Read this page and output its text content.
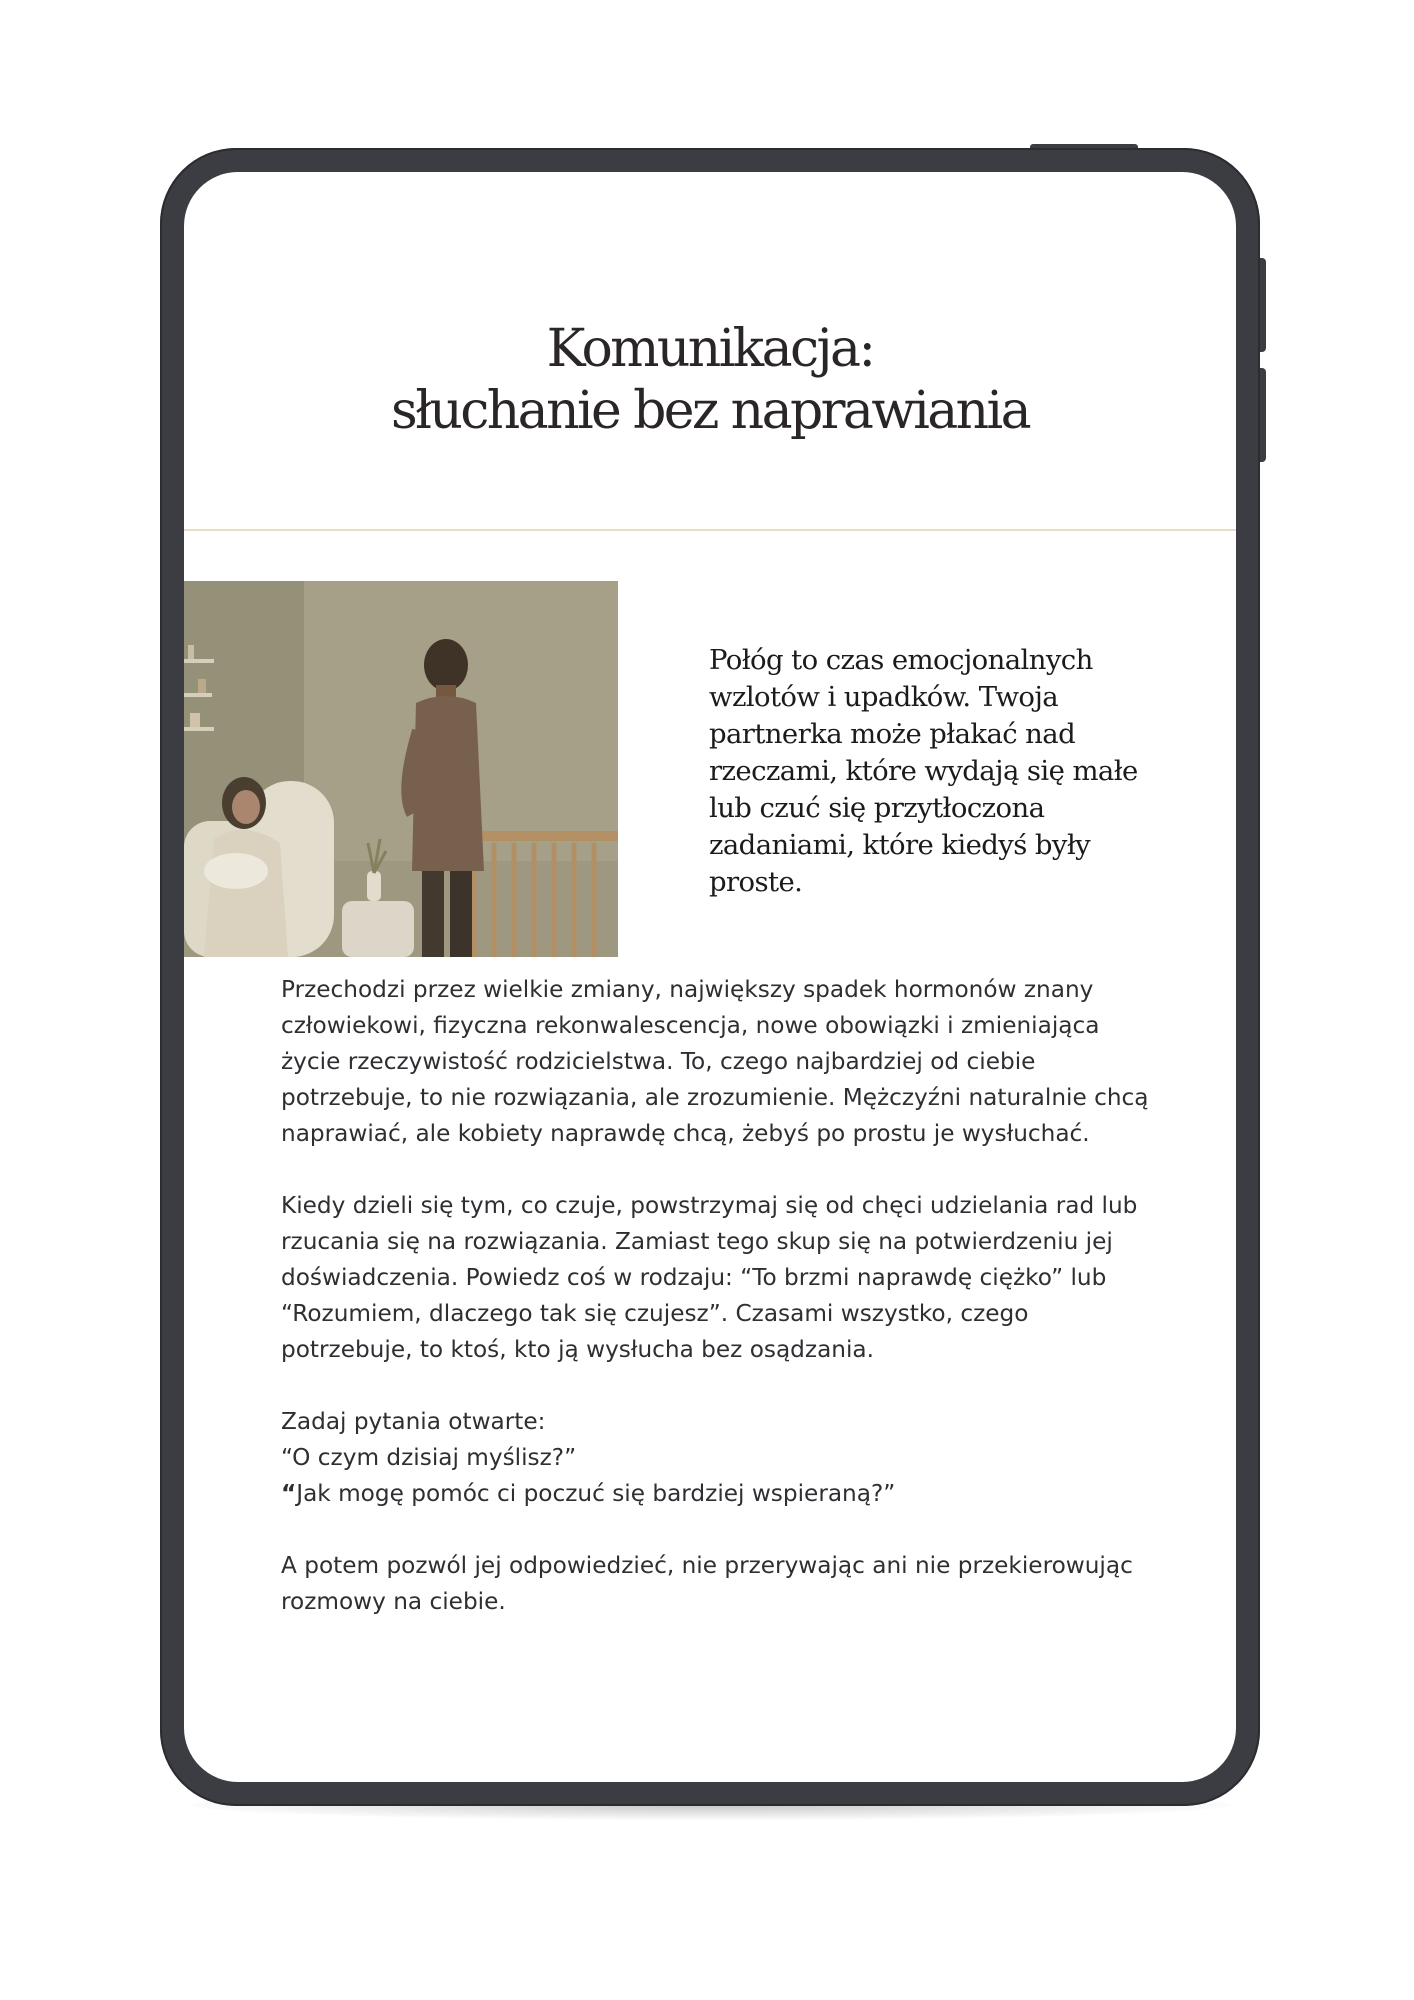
Komunikacja:
słuchanie bez naprawiania

Połóg to czas emocjonalnych wzlotów i upadków. Twoja partnerka może płakać nad rzeczami, które wydają się małe lub czuć się przytłoczona zadaniami, które kiedyś były proste.

Przechodzi przez wielkie zmiany, największy spadek hormonów znany człowiekowi, fizyczna rekonwalescencja, nowe obowiązki i zmieniająca życie rzeczywistość rodzicielstwa. To, czego najbardziej od ciebie potrzebuje, to nie rozwiązania, ale zrozumienie. Mężczyźni naturalnie chcą naprawiać, ale kobiety naprawdę chcą, żebyś po prostu je wysłuchać.

Kiedy dzieli się tym, co czuje, powstrzymaj się od chęci udzielania rad lub rzucania się na rozwiązania. Zamiast tego skup się na potwierdzeniu jej doświadczenia. Powiedz coś w rodzaju: “To brzmi naprawdę ciężko” lub “Rozumiem, dlaczego tak się czujesz”. Czasami wszystko, czego potrzebuje, to ktoś, kto ją wysłucha bez osądzania.

Zadaj pytania otwarte:

“O czym dzisiaj myślisz?”

“Jak mogę pomóc ci poczuć się bardziej wspieraną?”

A potem pozwól jej odpowiedzieć, nie przerywając ani nie przekierowując rozmowy na ciebie.
